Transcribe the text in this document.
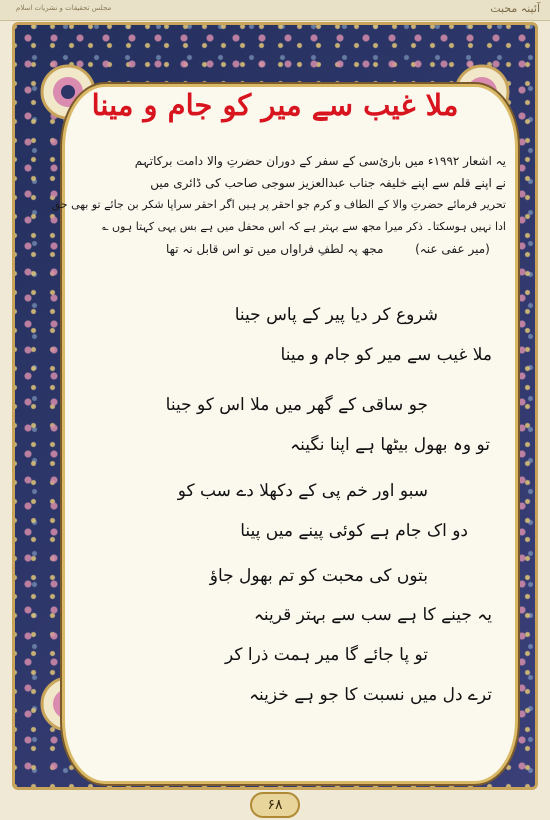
مجلس تحقیقات و نشریات اسلام	آئینہ محبت
ملا غیب سے میر کو جام و مینا

یہ اشعار ۱۹۹۲ء میں بارئ‌سی کے سفر کے دوران حضرتِ والا دامت برکاتہم

نے اپنے قلم سے اپنے خلیفہ جناب عبدالعزیز سوجی صاحب کی ڈائری میں

تحریر فرمائے حضرتِ والا کے الطاف و کرم جو احقر پر ہیں اگر احقر سراپا شکر بن جائے تو بھی حق

ادا نہیں ہوسکتا۔ ذکر میرا مجھ سے بہتر ہے کہ اس محفل میں ہے بس یہی کہتا ہوں ؎

(میر عفی عنہ)  مجھ پہ لطفِ فراواں میں تو اس قابل نہ تھا

شروع کر دیا پیر کے پاس جینا
ملا غیب سے میر کو جام و مینا
جو ساقی کے گھر میں ملا اس کو جینا
تو وہ بھول بیٹھا ہے اپنا نگینہ
سبو اور خم پی کے دکھلا دے سب کو
دو اک جام ہے کوئی پینے میں پینا
بتوں کی محبت کو تم بھول جاؤ
یہ جینے کا ہے سب سے بہتر قرینہ
تو پا جائے گا میر ہمت ذرا کر
ترے دل میں نسبت کا جو ہے خزینہ
۶۸
